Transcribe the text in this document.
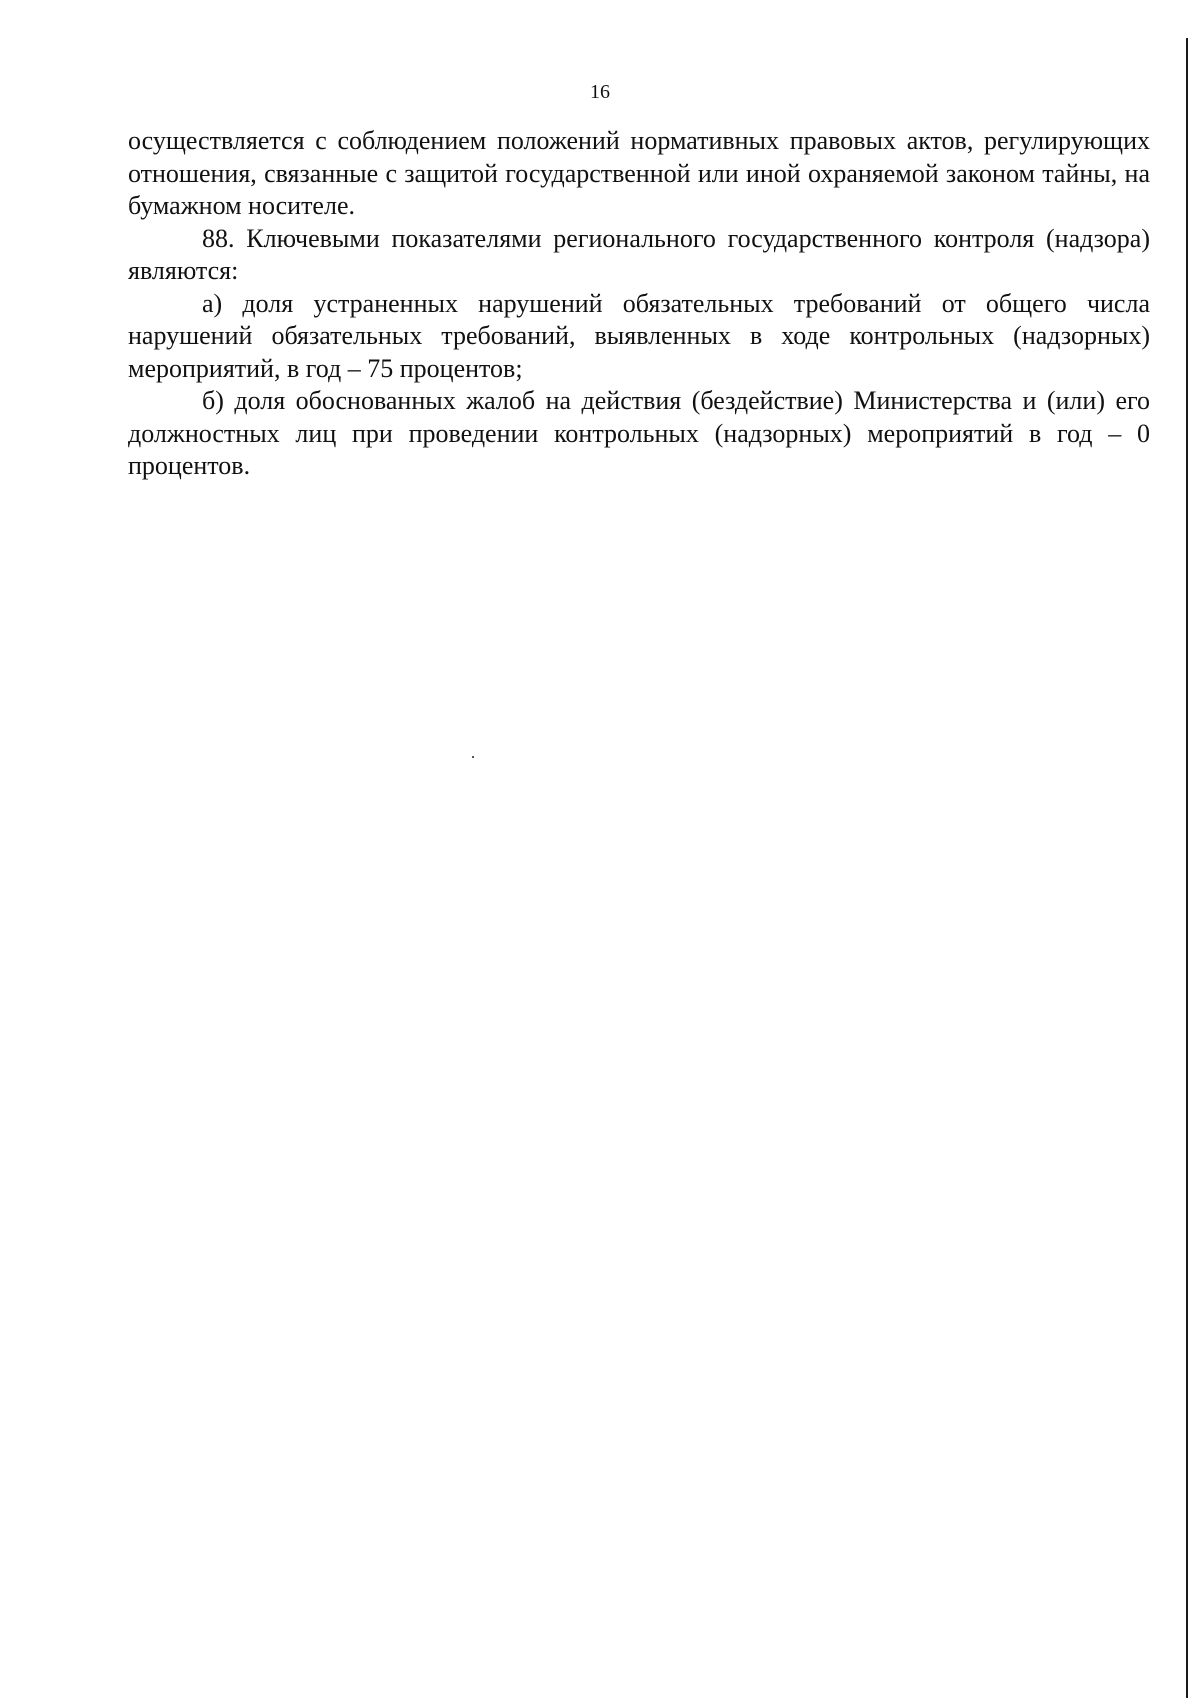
16

осуществляется с соблюдением положений нормативных правовых актов, регулирующих отношения, связанные с защитой государственной или иной охраняемой законом тайны, на бумажном носителе.

88. Ключевыми показателями регионального государственного контроля (надзора) являются:

а) доля устраненных нарушений обязательных требований от общего числа нарушений обязательных требований, выявленных в ходе контрольных (надзорных) мероприятий, в год – 75 процентов;

б) доля обоснованных жалоб на действия (бездействие) Министерства и (или) его должностных лиц при проведении контрольных (надзорных) мероприятий в год – 0 процентов.
